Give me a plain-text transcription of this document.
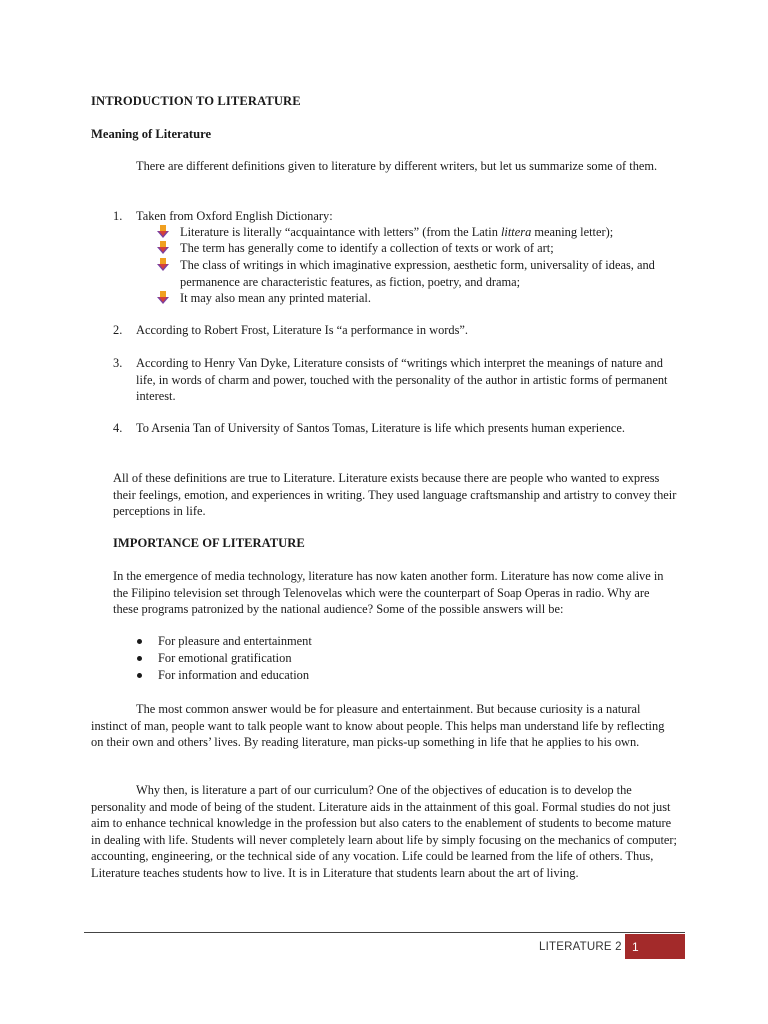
INTRODUCTION TO LITERATURE
Meaning of Literature
There are different definitions given to literature by different writers, but let us summarize some of them.
1.	Taken from Oxford English Dictionary:
Literature is literally “acquaintance with letters” (from the Latin littera meaning letter);
The term has generally come to identify a collection of texts or work of art;
The class of writings in which imaginative expression, aesthetic form, universality of ideas, and permanence are characteristic features, as fiction, poetry, and drama;
It may also mean any printed material.
2.	According to Robert Frost, Literature Is “a performance in words”.
3.	According to Henry Van Dyke, Literature consists of “writings which interpret the meanings of nature and life, in words of charm and power, touched with the personality of the author in artistic forms of permanent interest.
4.	To Arsenia Tan of University of Santos Tomas, Literature is life which presents human experience.
All of these definitions are true to Literature. Literature exists because there are people who wanted to express their feelings, emotion, and experiences in writing. They used language craftsmanship and artistry to convey their perceptions in life.
IMPORTANCE OF LITERATURE
In the emergence of media technology, literature has now katen another form. Literature has now come alive in the Filipino television set through Telenovelas which were the counterpart of Soap Operas in radio. Why are these programs patronized by the national audience? Some of the possible answers will be:
For pleasure and entertainment
For emotional gratification
For information and education
The most common answer would be for pleasure and entertainment. But because curiosity is a natural instinct of man, people want to talk people want to know about people. This helps man understand life by reflecting on their own and others’ lives. By reading literature, man picks-up something in life that he applies to his own.
Why then, is literature a part of our curriculum? One of the objectives of education is to develop the personality and mode of being of the student. Literature aids in the attainment of this goal. Formal studies do not just aim to enhance technical knowledge in the profession but also caters to the enablement of students to become mature in dealing with life. Students will never completely learn about life by simply focusing on the mechanics of computer; accounting, engineering, or the technical side of any vocation. Life could be learned from the life of others. Thus, Literature teaches students how to live. It is in Literature that students learn about the art of living.
LITERATURE 2 1
